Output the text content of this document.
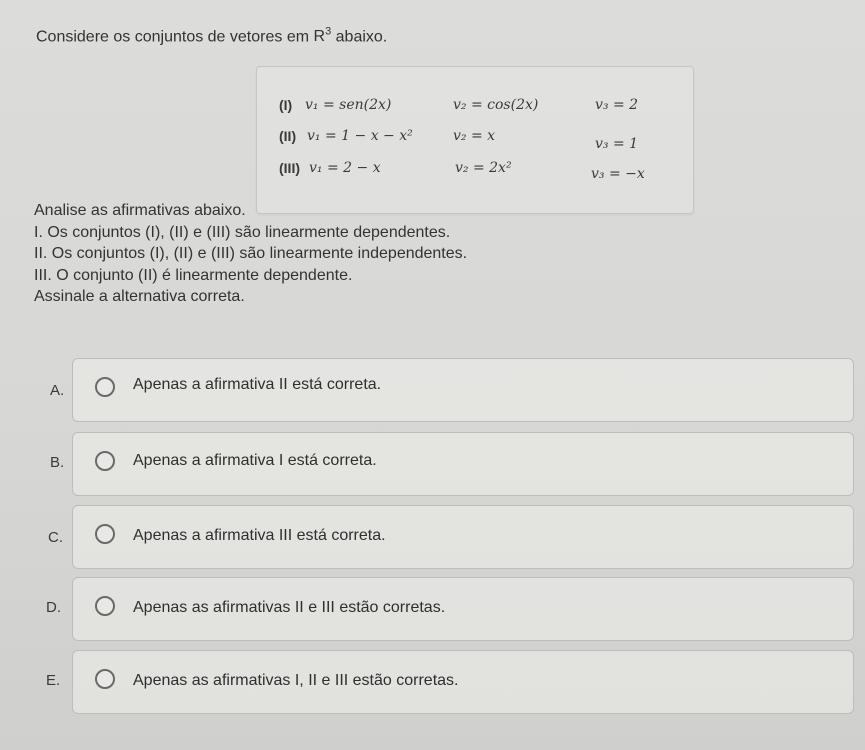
Considere os conjuntos de vetores em $R^3$ abaixo.
(I) v₁ = sen(2x)	v₂ = cos(2x)	v₃ = 2
(II) v₁ = 1 − x − x²	v₂ = x	v₃ = 1
(III) v₁ = 2 − x	v₂ = 2x²	v₃ = −x
Analise as afirmativas abaixo.
I. Os conjuntos (I), (II) e (III) são linearmente dependentes.
II. Os conjuntos (I), (II) e (III) são linearmente independentes.
III. O conjunto (II) é linearmente dependente.
Assinale a alternativa correta.
A.	Apenas a afirmativa II está correta.
B.	Apenas a afirmativa I está correta.
C.	Apenas a afirmativa III está correta.
D.	Apenas as afirmativas II e III estão corretas.
E.	Apenas as afirmativas I, II e III estão corretas.
